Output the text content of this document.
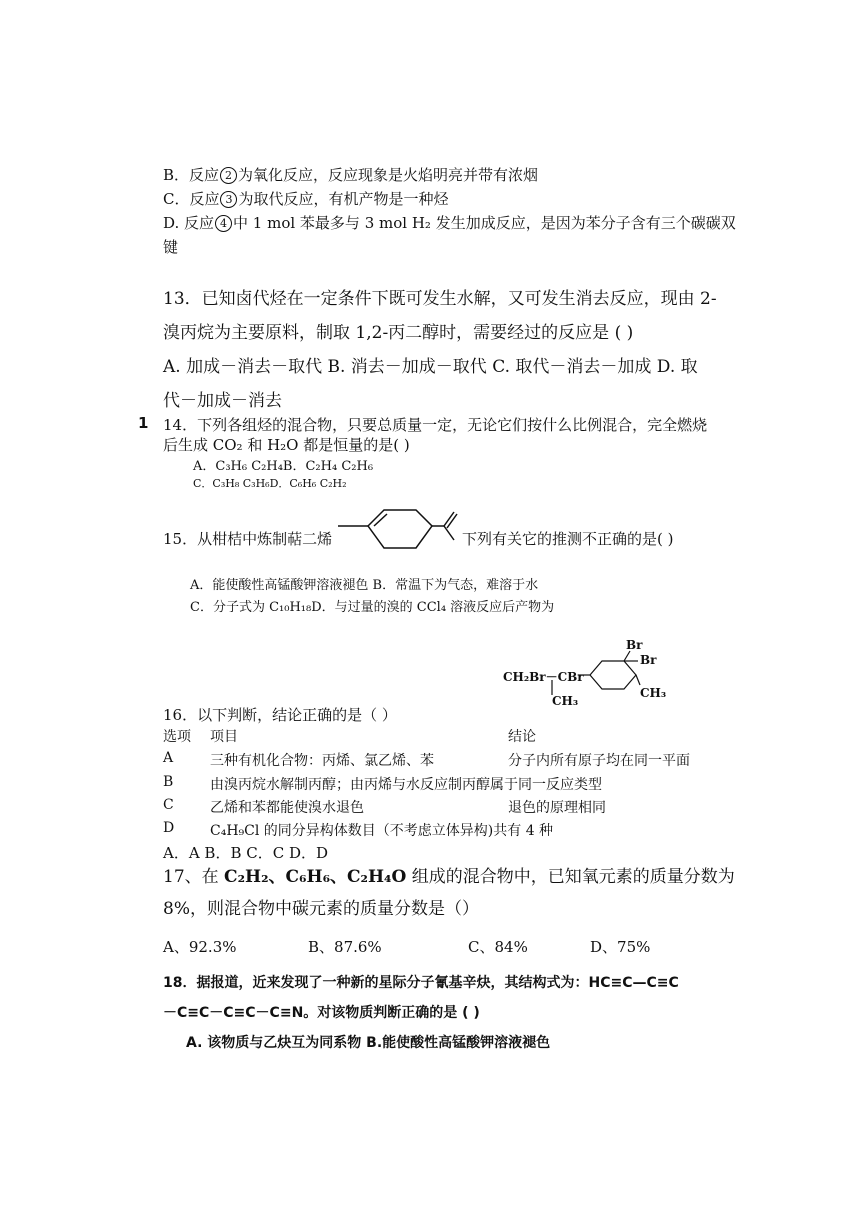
B．反应 2 为氧化反应，反应现象是火焰明亮并带有浓烟
C．反应 3 为取代反应，有机产物是一种烃
D. 反应 4 中 1 mol 苯最多与 3 mol H₂ 发生加成反应，是因为苯分子含有三个碳碳双
键
13．已知卤代烃在一定条件下既可发生水解，又可发生消去反应，现由 2-
溴丙烷为主要原料，制取 1,2-丙二醇时，需要经过的反应是 ( )
A. 加成－消去－取代 B. 消去－加成－取代 C. 取代－消去－加成 D. 取
代－加成－消去
1 14．下列各组烃的混合物，只要总质量一定，无论它们按什么比例混合，完全燃烧
后生成 CO₂ 和 H₂O 都是恒量的是( )
A．C₃H₆ C₂H₄B．C₂H₄ C₂H₆
C．C₃H₈ C₃H₆D．C₆H₆ C₂H₂
15．从柑桔中炼制萜二烯	下列有关它的推测不正确的是( )
A．能使酸性高锰酸钾溶液褪色 B．常温下为气态，难溶于水
C．分子式为 C₁₀H₁₈D．与过量的溴的 CCl₄ 溶液反应后产物为
CH₂Br－CBr
CH₃
Br
Br
CH₃
16．以下判断，结论正确的是（ ）
选项 项目	结论
A	三种有机化合物：丙烯、氯乙烯、苯	分子内所有原子均在同一平面
B	由溴丙烷水解制丙醇；由丙烯与水反应制丙醇属于同一反应类型
C	乙烯和苯都能使溴水退色	退色的原理相同
D	C₄H₉Cl 的同分异构体数目（不考虑立体异构)共有 4 种
A．A B．B C．C D．D
17、在 C₂H₂、C₆H₆、C₂H₄O 组成的混合物中，已知氧元素的质量分数为
8%，则混合物中碳元素的质量分数是（）
A、92.3%	B、87.6%	C、84%	D、75%
18．据报道，近来发现了一种新的星际分子氰基辛炔，其结构式为：HC≡C—C≡C
－C≡C－C≡C－C≡N。对该物质判断正确的是 ( )
A. 该物质与乙炔互为同系物 B.能使酸性高锰酸钾溶液褪色
